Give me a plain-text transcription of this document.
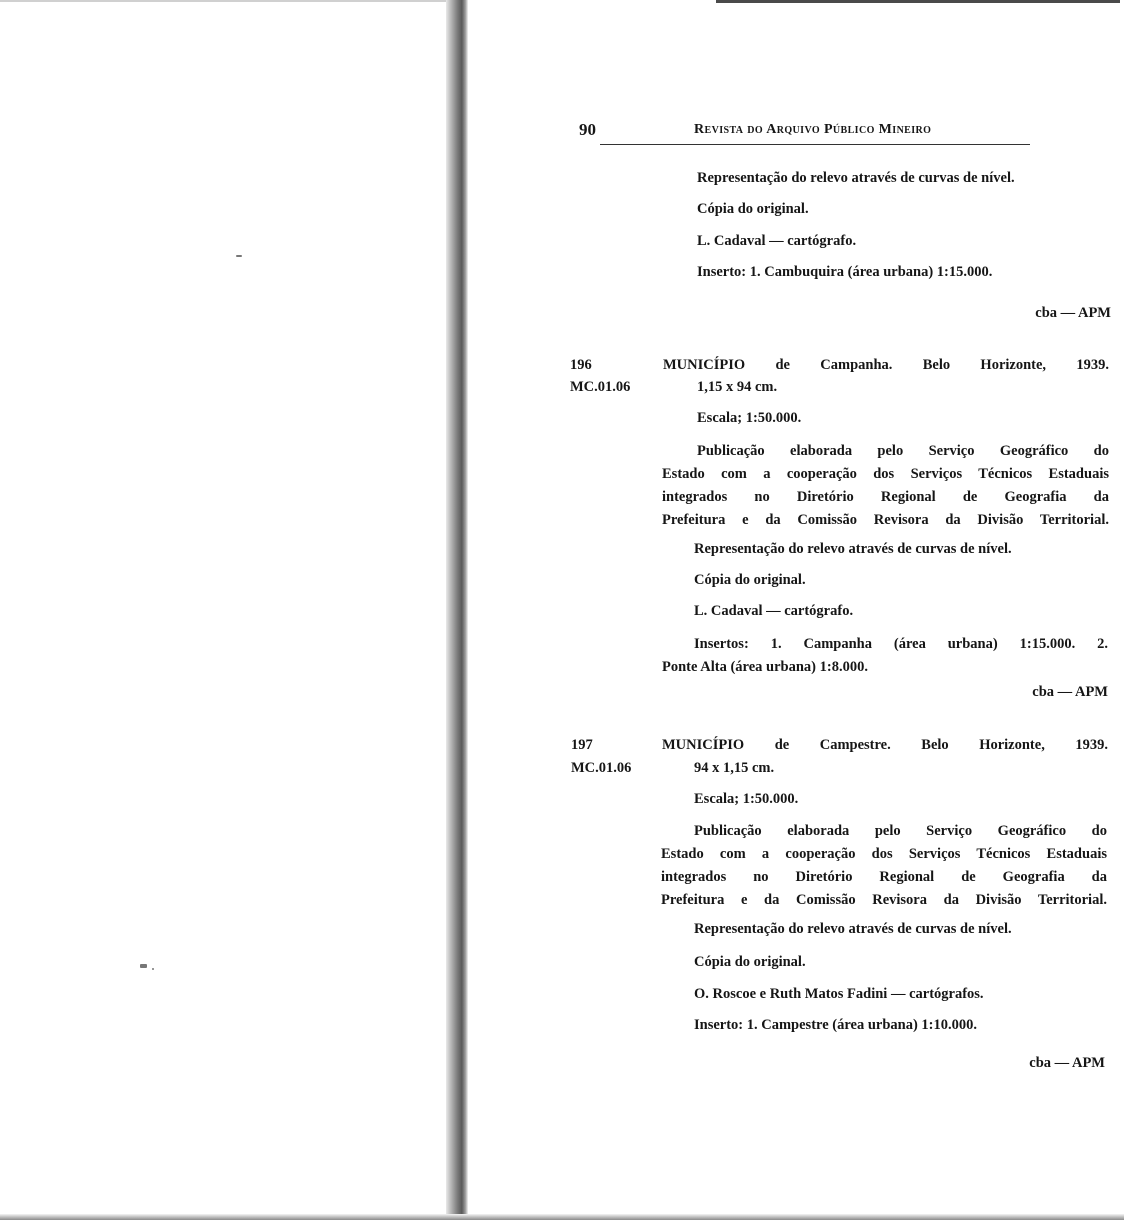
90	Revista do Arquivo Público Mineiro
Representação do relevo através de curvas de nível.
Cópia do original.
L. Cadaval — cartógrafo.
Inserto: 1. Cambuquira (área urbana) 1:15.000.
cba — APM
196
MC.01.06
MUNICÍPIO de Campanha. Belo Horizonte, 1939.
1,15 x 94 cm.
Escala; 1:50.000.
Publicação elaborada pelo Serviço Geográfico do
Estado com a cooperação dos Serviços Técnicos Estaduais
integrados no Diretório Regional de Geografia da
Prefeitura e da Comissão Revisora da Divisão Territorial.
Representação do relevo através de curvas de nível.
Cópia do original.
L. Cadaval — cartógrafo.
Insertos: 1. Campanha (área urbana) 1:15.000. 2.
Ponte Alta (área urbana) 1:8.000.
cba — APM
197
MC.01.06
MUNICÍPIO de Campestre. Belo Horizonte, 1939.
94 x 1,15 cm.
Escala; 1:50.000.
Publicação elaborada pelo Serviço Geográfico do
Estado com a cooperação dos Serviços Técnicos Estaduais
integrados no Diretório Regional de Geografia da
Prefeitura e da Comissão Revisora da Divisão Territorial.
Representação do relevo através de curvas de nível.
Cópia do original.
O. Roscoe e Ruth Matos Fadini — cartógrafos.
Inserto: 1. Campestre (área urbana) 1:10.000.
cba — APM
